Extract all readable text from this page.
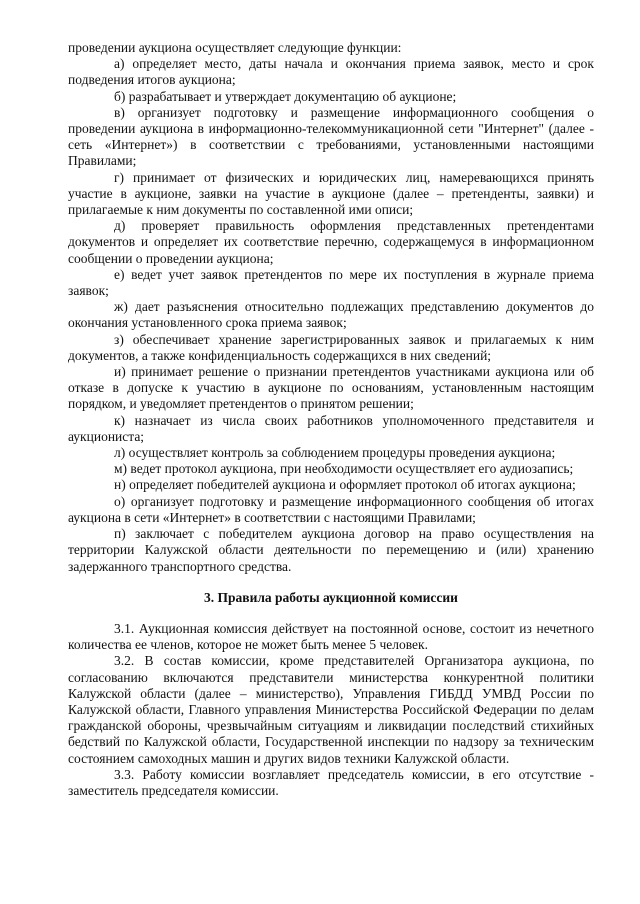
проведении аукциона осуществляет следующие функции:

а) определяет место, даты начала и окончания приема заявок, место и срок подведения итогов аукциона;

б) разрабатывает и утверждает документацию об аукционе;

в) организует подготовку и размещение информационного сообщения о проведении аукциона в информационно-телекоммуникационной сети "Интернет" (далее - сеть «Интернет») в соответствии с требованиями, установленными настоящими Правилами;

г) принимает от физических и юридических лиц, намеревающихся принять участие в аукционе, заявки на участие в аукционе (далее – претенденты, заявки) и прилагаемые к ним документы по составленной ими описи;

д) проверяет правильность оформления представленных претендентами документов и определяет их соответствие перечню, содержащемуся в информационном сообщении о проведении аукциона;

е) ведет учет заявок претендентов по мере их поступления в журнале приема заявок;

ж) дает разъяснения относительно подлежащих представлению документов до окончания установленного срока приема заявок;

з) обеспечивает хранение зарегистрированных заявок и прилагаемых к ним документов, а также конфиденциальность содержащихся в них сведений;

и) принимает решение о признании претендентов участниками аукциона или об отказе в допуске к участию в аукционе по основаниям, установленным настоящим порядком, и уведомляет претендентов о принятом решении;

к) назначает из числа своих работников уполномоченного представителя и аукциониста;

л) осуществляет контроль за соблюдением процедуры проведения аукциона;

м) ведет протокол аукциона, при необходимости осуществляет его аудиозапись;

н) определяет победителей аукциона и оформляет протокол об итогах аукциона;

о) организует подготовку и размещение информационного сообщения об итогах аукциона в сети «Интернет» в соответствии с настоящими Правилами;

п) заключает с победителем аукциона договор на право осуществления на территории Калужской области деятельности по перемещению и (или) хранению задержанного транспортного средства.

3. Правила работы аукционной комиссии

3.1. Аукционная комиссия действует на постоянной основе, состоит из нечетного количества ее членов, которое не может быть менее 5 человек.

3.2. В состав комиссии, кроме представителей Организатора аукциона, по согласованию включаются представители министерства конкурентной политики Калужской области (далее – министерство), Управления ГИБДД УМВД России по Калужской области, Главного управления Министерства Российской Федерации по делам гражданской обороны, чрезвычайным ситуациям и ликвидации последствий стихийных бедствий по Калужской области, Государственной инспекции по надзору за техническим состоянием самоходных машин и других видов техники Калужской области.

3.3. Работу комиссии возглавляет председатель комиссии, в его отсутствие - заместитель председателя комиссии.
